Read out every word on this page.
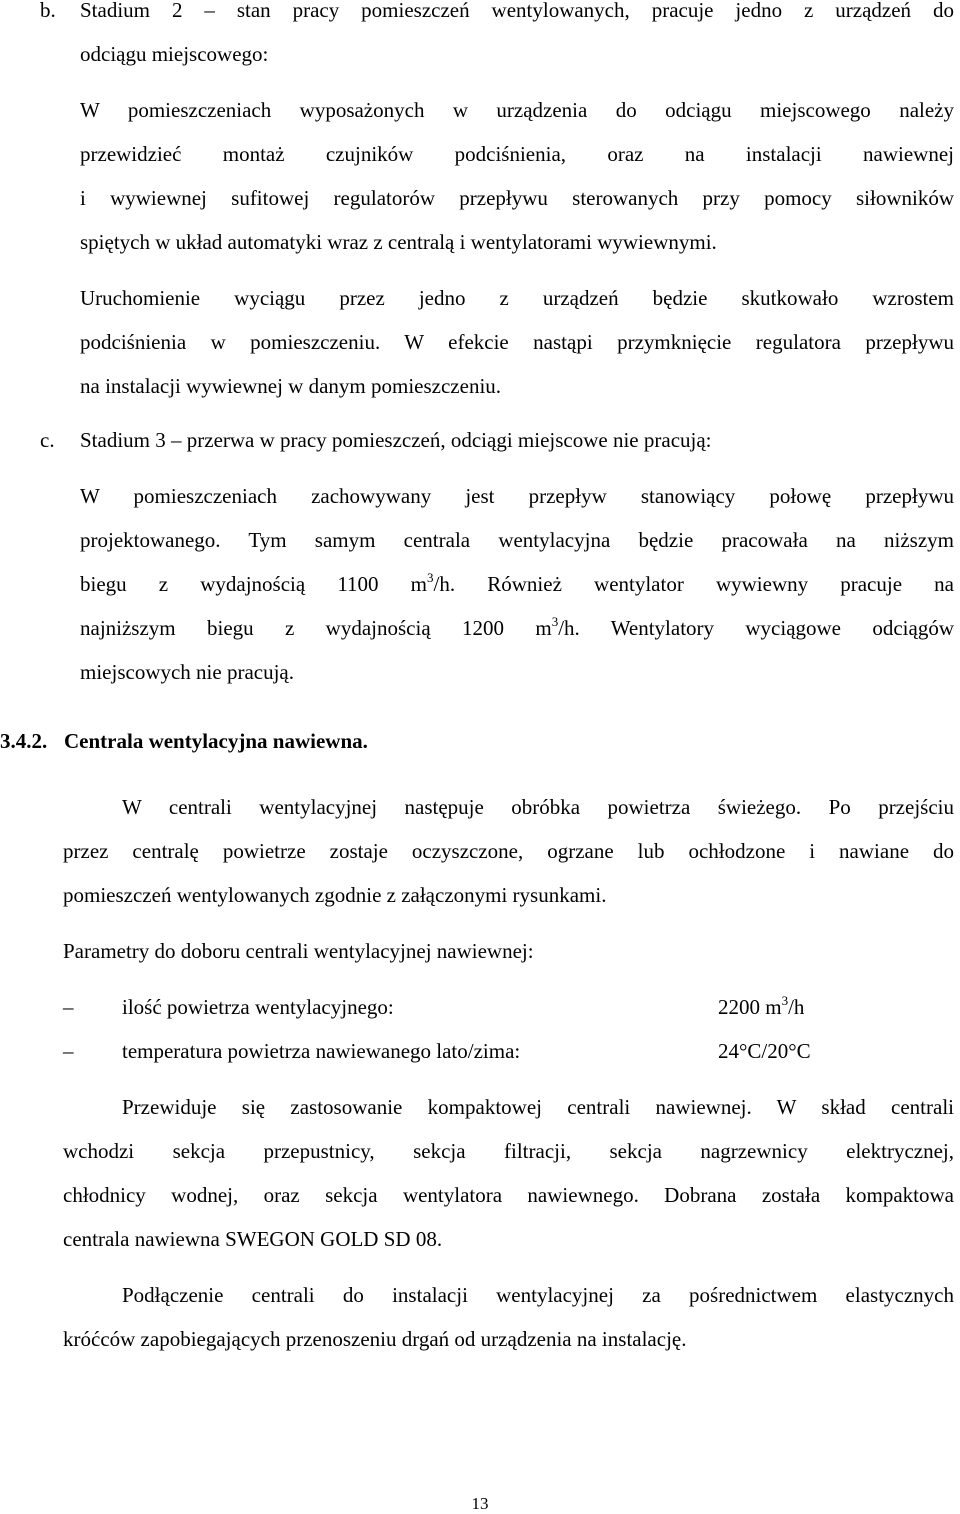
b. Stadium 2 – stan pracy pomieszczeń wentylowanych, pracuje jedno z urządzeń do
odciągu miejscowego:
W pomieszczeniach wyposażonych w urządzenia do odciągu miejscowego należy
przewidzieć montaż czujników podciśnienia, oraz na instalacji nawiewnej
i wywiewnej sufitowej regulatorów przepływu sterowanych przy pomocy siłowników
spiętych w układ automatyki wraz z centralą i wentylatorami wywiewnymi.
Uruchomienie wyciągu przez jedno z urządzeń będzie skutkowało wzrostem
podciśnienia w pomieszczeniu. W efekcie nastąpi przymknięcie regulatora przepływu
na instalacji wywiewnej w danym pomieszczeniu.
c. Stadium 3 – przerwa w pracy pomieszczeń, odciągi miejscowe nie pracują:
W pomieszczeniach zachowywany jest przepływ stanowiący połowę przepływu
projektowanego. Tym samym centrala wentylacyjna będzie pracowała na niższym
biegu z wydajnością 1100 $m^3/h$. Również wentylator wywiewny pracuje na
najniższym biegu z wydajnością 1200 $m^3/h$. Wentylatory wyciągowe odciągów
miejscowych nie pracują.
3.4.2. Centrala wentylacyjna nawiewna.
W centrali wentylacyjnej następuje obróbka powietrza świeżego. Po przejściu
przez centralę powietrze zostaje oczyszczone, ogrzane lub ochłodzone i nawiane do
pomieszczeń wentylowanych zgodnie z załączonymi rysunkami.
Parametry do doboru centrali wentylacyjnej nawiewnej:
– ilość powietrza wentylacyjnego:	2200 $m^3/h$
– temperatura powietrza nawiewanego lato/zima:	24°C/20°C
Przewiduje się zastosowanie kompaktowej centrali nawiewnej. W skład centrali
wchodzi sekcja przepustnicy, sekcja filtracji, sekcja nagrzewnicy elektrycznej,
chłodnicy wodnej, oraz sekcja wentylatora nawiewnego. Dobrana została kompaktowa
centrala nawiewna SWEGON GOLD SD 08.
Podłączenie centrali do instalacji wentylacyjnej za pośrednictwem elastycznych
króćców zapobiegających przenoszeniu drgań od urządzenia na instalację.
13
